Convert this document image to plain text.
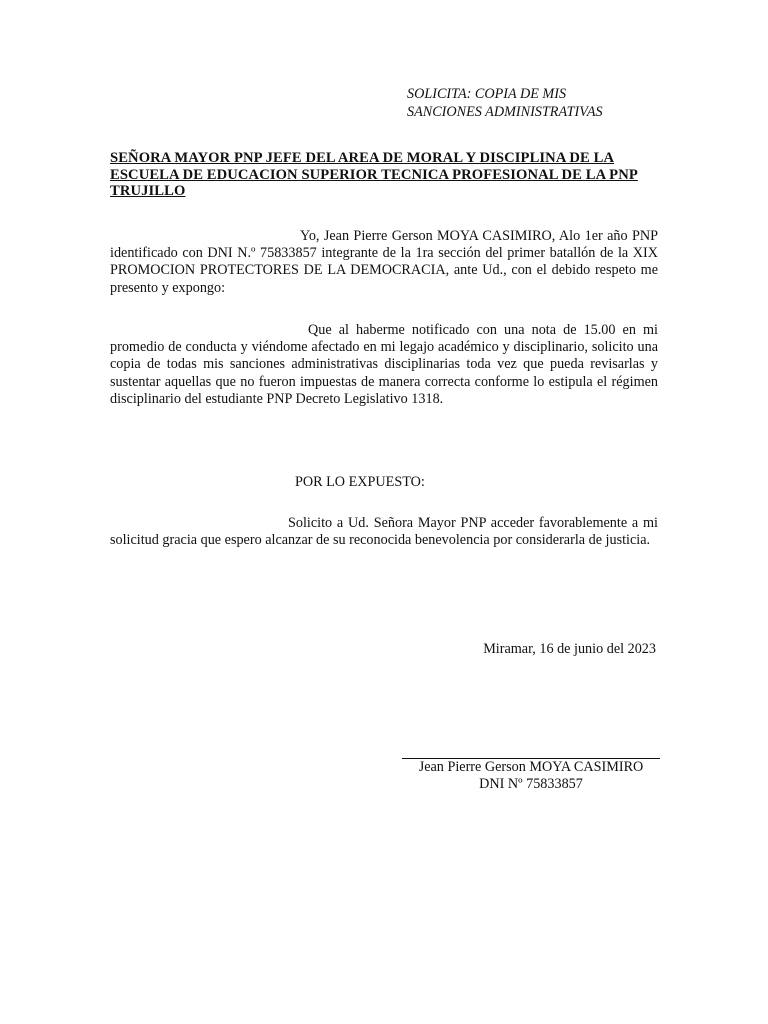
SOLICITA: COPIA DE MIS
SANCIONES ADMINISTRATIVAS
SEÑORA MAYOR PNP JEFE DEL AREA DE MORAL Y DISCIPLINA DE LA ESCUELA DE EDUCACION SUPERIOR TECNICA PROFESIONAL DE LA PNP TRUJILLO
Yo, Jean Pierre Gerson MOYA CASIMIRO, Alo 1er año PNP identificado con DNI N.º 75833857 integrante de la 1ra sección del primer batallón de la XIX PROMOCION PROTECTORES DE LA DEMOCRACIA, ante Ud., con el debido respeto me presento y expongo:
Que al haberme notificado con una nota de 15.00 en mi promedio de conducta y viéndome afectado en mi legajo académico y disciplinario, solicito una copia de todas mis sanciones administrativas disciplinarias toda vez que pueda revisarlas y sustentar aquellas que no fueron impuestas de manera correcta conforme lo estipula el régimen disciplinario del estudiante PNP Decreto Legislativo 1318.
POR LO EXPUESTO:
Solicito a Ud. Señora Mayor PNP acceder favorablemente a mi solicitud gracia que espero alcanzar de su reconocida benevolencia por considerarla de justicia.
Miramar, 16 de junio del 2023
Jean Pierre Gerson MOYA CASIMIRO
DNI Nº 75833857
